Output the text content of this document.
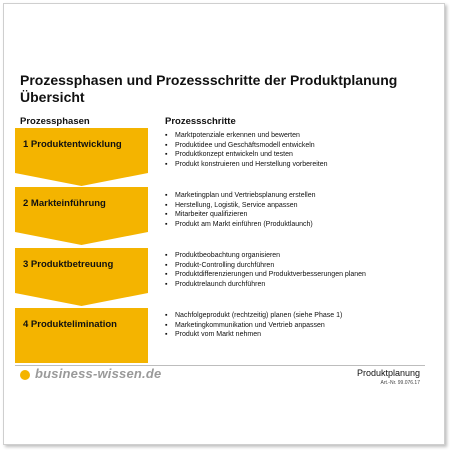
Prozessphasen und Prozessschritte der Produktplanung
Übersicht
Prozessphasen	Prozessschritte
1 Produktentwicklung
▪ Marktpotenziale erkennen und bewerten
▪ Produktidee und Geschäftsmodell entwickeln
▪ Produktkonzept entwickeln und testen
▪ Produkt konstruieren und Herstellung vorbereiten
2 Markteinführung
▪ Marketingplan und Vertriebsplanung erstellen
▪ Herstellung, Logistik, Service anpassen
▪ Mitarbeiter qualifizieren
▪ Produkt am Markt einführen (Produktlaunch)
3 Produktbetreuung
▪ Produktbeobachtung organisieren
▪ Produkt-Controlling durchführen
▪ Produktdifferenzierungen und Produktverbesserungen planen
▪ Produktrelaunch durchführen
4 Produktelimination
▪ Nachfolgeprodukt (rechtzeitig) planen (siehe Phase 1)
▪ Marketingkommunikation und Vertrieb anpassen
▪ Produkt vom Markt nehmen
business-wissen.de	Produktplanung
Art.-Nr. 99.076.17
